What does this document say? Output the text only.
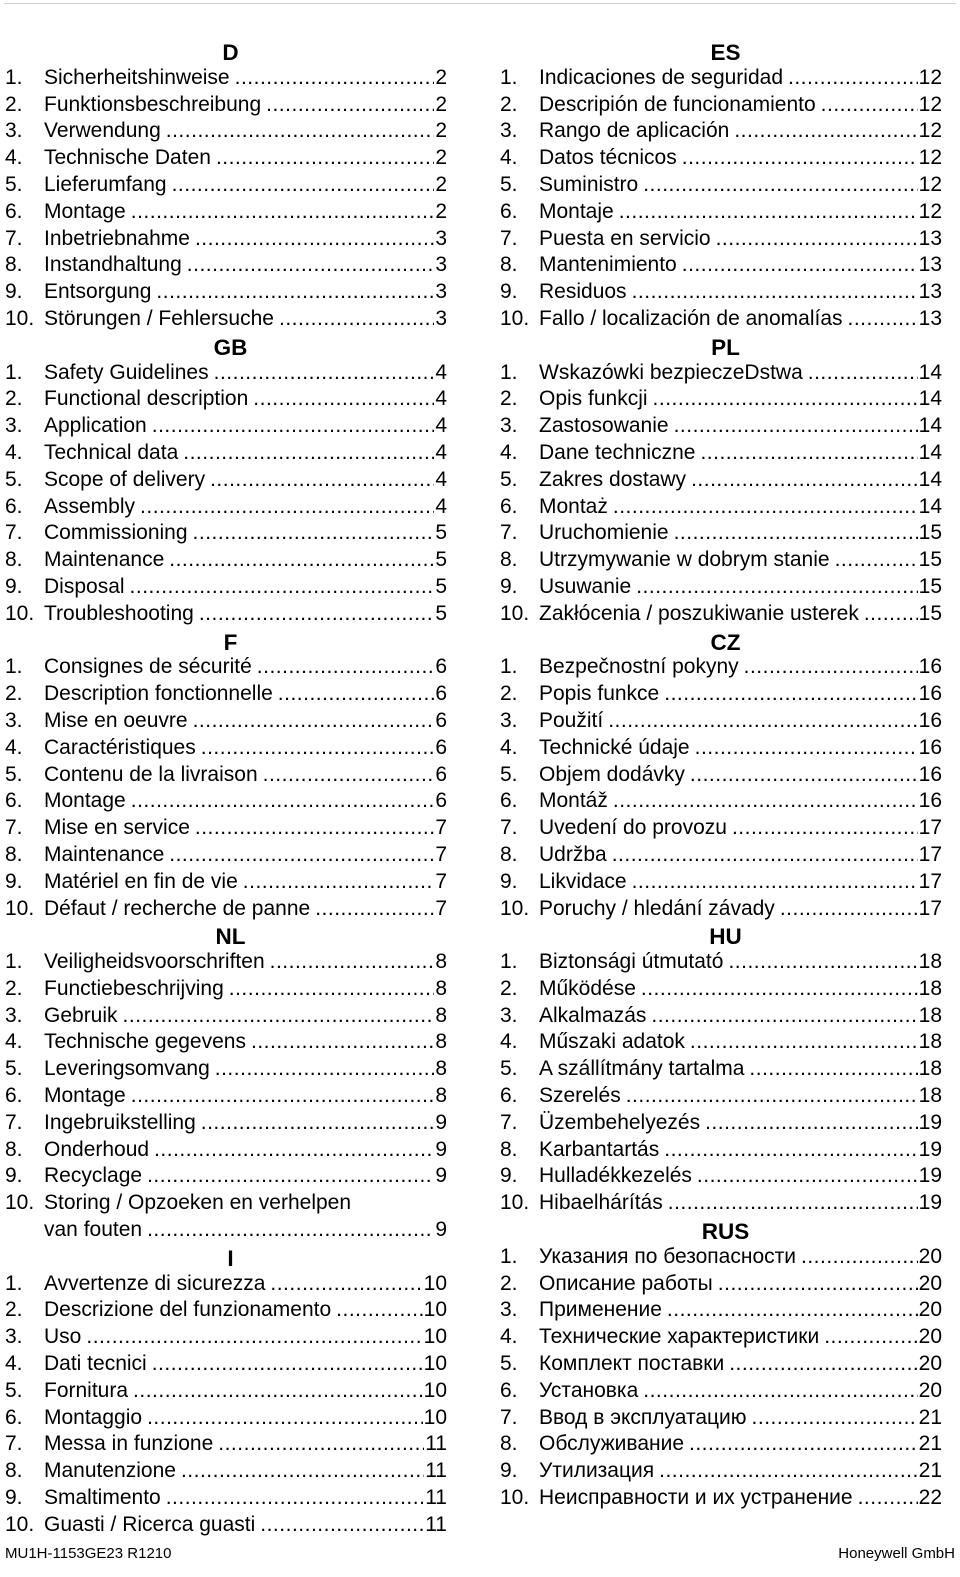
D
1.	Sicherheitshinweise .....	2
2.	Funktionsbeschreibung .....	2
3.	Verwendung .....	2
4.	Technische Daten .....	2
5.	Lieferumfang .....	2
6.	Montage .....	2
7.	Inbetriebnahme .....	3
8.	Instandhaltung .....	3
9.	Entsorgung .....	3
10. Störungen / Fehlersuche .....	3
GB
1.	Safety Guidelines .....	4
2.	Functional description .....	4
3.	Application .....	4
4.	Technical data .....	4
5.	Scope of delivery .....	4
6.	Assembly .....	4
7.	Commissioning .....	5
8.	Maintenance .....	5
9.	Disposal .....	5
10. Troubleshooting .....	5
F
1.	Consignes de sécurité .....	6
2.	Description fonctionnelle .....	6
3.	Mise en oeuvre .....	6
4.	Caractéristiques .....	6
5.	Contenu de la livraison .....	6
6.	Montage .....	6
7.	Mise en service .....	7
8.	Maintenance .....	7
9.	Matériel en fin de vie .....	7
10. Défaut / recherche de panne .....	7
NL
1.	Veiligheidsvoorschriften .....	8
2.	Functiebeschrijving .....	8
3.	Gebruik .....	8
4.	Technische gegevens .....	8
5.	Leveringsomvang .....	8
6.	Montage .....	8
7.	Ingebruikstelling .....	9
8.	Onderhoud .....	9
9.	Recyclage .....	9
10. Storing / Opzoeken en verhelpen
van fouten .....	9
I
1.	Avvertenze di sicurezza .....	10
2.	Descrizione del funzionamento .....	10
3.	Uso .....	10
4.	Dati tecnici .....	10
5.	Fornitura .....	10
6.	Montaggio .....	10
7.	Messa in funzione .....	11
8.	Manutenzione .....	11
9.	Smaltimento .....	11
10. Guasti / Ricerca guasti .....	11
ES
1.	Indicaciones de seguridad .....	12
2.	Descripión de funcionamiento .....	12
3.	Rango de aplicación .....	12
4.	Datos técnicos .....	12
5.	Suministro .....	12
6.	Montaje .....	12
7.	Puesta en servicio .....	13
8.	Mantenimiento .....	13
9.	Residuos .....	13
10. Fallo / localización de anomalías .....	13
PL
1.	Wskazówki bezpieczeDstwa .....	14
2.	Opis funkcji .....	14
3.	Zastosowanie .....	14
4.	Dane techniczne .....	14
5.	Zakres dostawy .....	14
6.	Montaż .....	14
7.	Uruchomienie .....	15
8.	Utrzymywanie w dobrym stanie .....	15
9.	Usuwanie .....	15
10. Zakłócenia / poszukiwanie usterek .....	15
CZ
1.	Bezpečnostní pokyny .....	16
2.	Popis funkce .....	16
3.	Použití .....	16
4.	Technické údaje .....	16
5.	Objem dodávky .....	16
6.	Montáž .....	16
7.	Uvedení do provozu .....	17
8.	Udržba .....	17
9.	Likvidace .....	17
10. Poruchy / hledání závady .....	17
HU
1.	Biztonsági útmutató .....	18
2.	Működése .....	18
3.	Alkalmazás .....	18
4.	Műszaki adatok .....	18
5.	A szállítmány tartalma .....	18
6.	Szerelés .....	18
7.	Üzembehelyezés .....	19
8.	Karbantartás .....	19
9.	Hulladékkezelés .....	19
10. Hibaelhárítás .....	19
RUS
1.	Указания по безопасности .....	20
2.	Описание работы .....	20
3.	Применение .....	20
4.	Технические характеристики .....	20
5.	Комплект поставки .....	20
6.	Установка .....	20
7.	Ввод в эксплуатацию .....	21
8.	Обслуживание .....	21
9.	Утилизация .....	21
10. Неисправности и их устранение .....	22
MU1H-1153GE23 R1210	Honeywell GmbH
